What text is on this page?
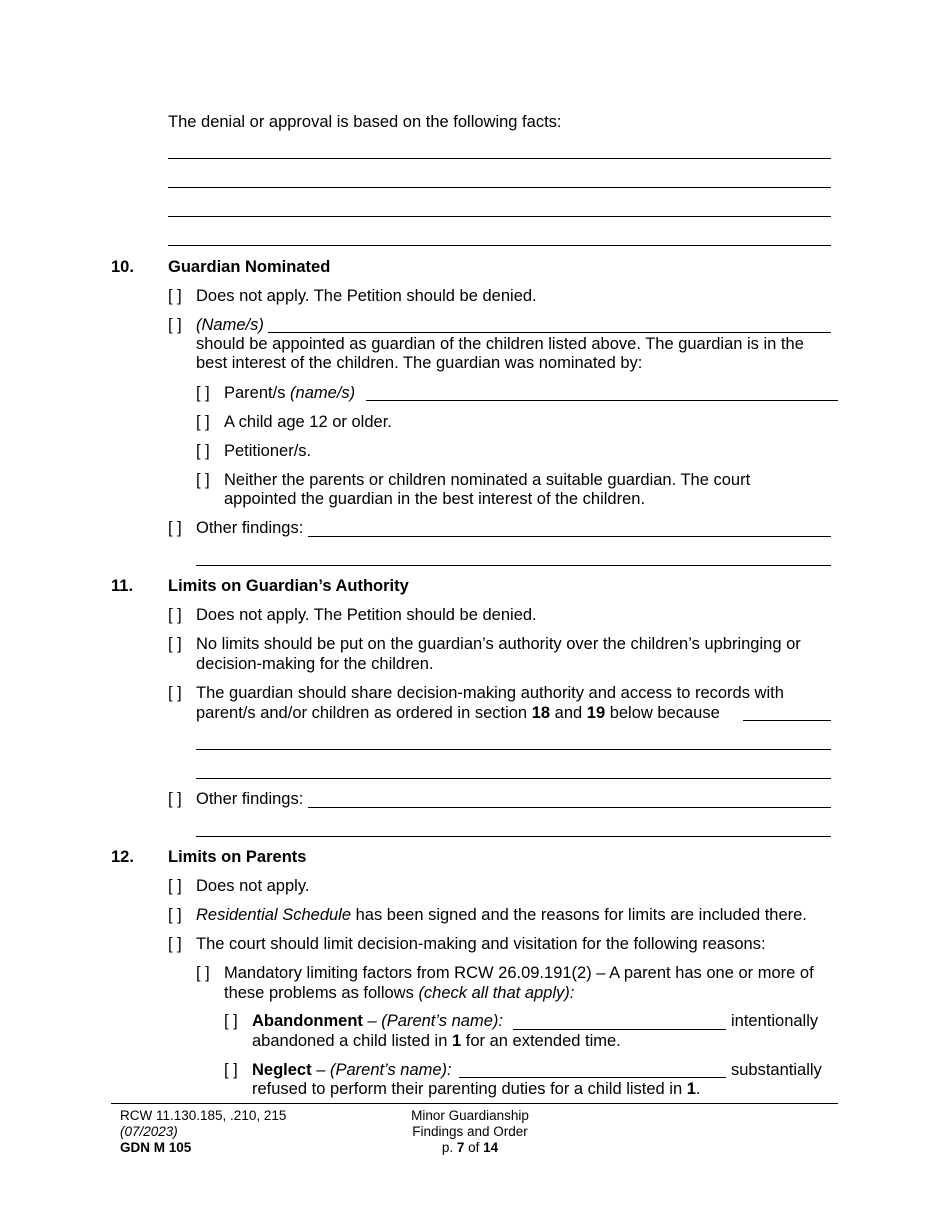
The denial or approval is based on the following facts:
10. Guardian Nominated
[ ] Does not apply. The Petition should be denied.
[ ] (Name/s)
should be appointed as guardian of the children listed above. The guardian is in the
best interest of the children. The guardian was nominated by:
[ ] Parent/s (name/s)
[ ] A child age 12 or older.
[ ] Petitioner/s.
[ ] Neither the parents or children nominated a suitable guardian. The court
appointed the guardian in the best interest of the children.
[ ] Other findings:
11. Limits on Guardian’s Authority
[ ] Does not apply. The Petition should be denied.
[ ] No limits should be put on the guardian’s authority over the children’s upbringing or
decision-making for the children.
[ ] The guardian should share decision-making authority and access to records with
parent/s and/or children as ordered in section 18 and 19 below because
[ ] Other findings:
12. Limits on Parents
[ ] Does not apply.
[ ] Residential Schedule has been signed and the reasons for limits are included there.
[ ] The court should limit decision-making and visitation for the following reasons:
[ ] Mandatory limiting factors from RCW 26.09.191(2) – A parent has one or more of
these problems as follows (check all that apply):
[ ] Abandonment – (Parent’s name):	intentionally
abandoned a child listed in 1 for an extended time.
[ ] Neglect – (Parent’s name):	substantially
refused to perform their parenting duties for a child listed in 1.
RCW 11.130.185, .210, 215
(07/2023)
GDN M 105
Minor Guardianship
Findings and Order
p. 7 of 14
